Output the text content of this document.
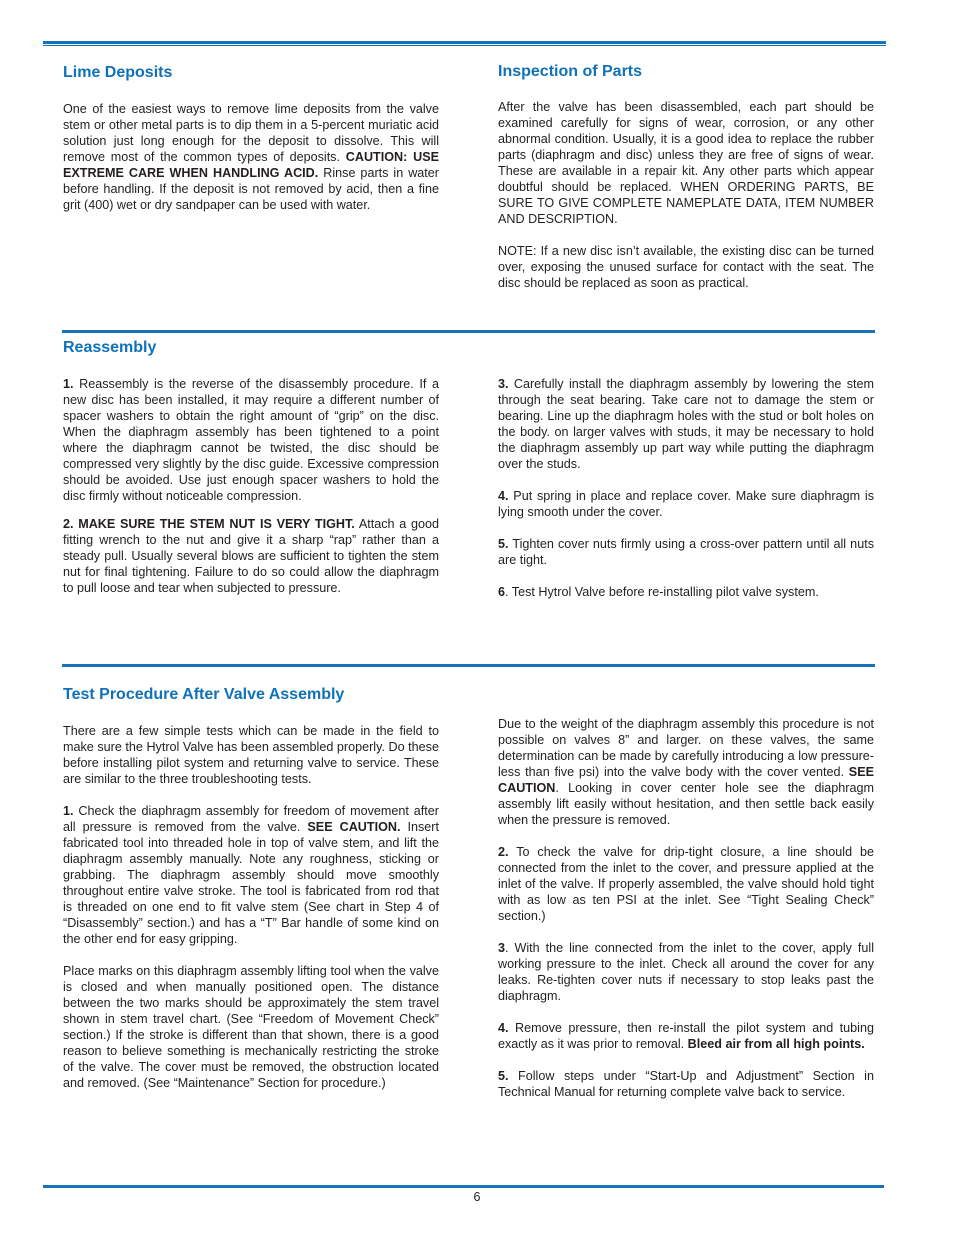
Lime Deposits

One of the easiest ways to remove lime deposits from the valve stem or other metal parts is to dip them in a 5-percent muriatic acid solution just long enough for the deposit to dissolve. This will remove most of the common types of deposits. CAUTION: USE EXTREME CARE WHEN HANDLING ACID. Rinse parts in water before handling. If the deposit is not removed by acid, then a fine grit (400) wet or dry sandpaper can be used with water.

Inspection of Parts

After the valve has been disassembled, each part should be examined carefully for signs of wear, corrosion, or any other abnormal condition. Usually, it is a good idea to replace the rubber parts (diaphragm and disc) unless they are free of signs of wear. These are available in a repair kit. Any other parts which appear doubtful should be replaced. WHEN ORDERING PARTS, BE SURE TO GIVE COMPLETE NAMEPLATE DATA, ITEM NUMBER AND DESCRIPTION.

NOTE: If a new disc isn’t available, the existing disc can be turned over, exposing the unused surface for contact with the seat. The disc should be replaced as soon as practical.

Reassembly

1. Reassembly is the reverse of the disassembly procedure. If a new disc has been installed, it may require a different number of spacer washers to obtain the right amount of “grip” on the disc. When the diaphragm assembly has been tightened to a point where the diaphragm cannot be twisted, the disc should be compressed very slightly by the disc guide. Excessive compression should be avoided. Use just enough spacer washers to hold the disc firmly without noticeable compression.

2. MAKE SURE THE STEM NUT IS VERY TIGHT. Attach a good fitting wrench to the nut and give it a sharp “rap” rather than a steady pull. Usually several blows are sufficient to tighten the stem nut for final tightening. Failure to do so could allow the diaphragm to pull loose and tear when subjected to pressure.

3. Carefully install the diaphragm assembly by lowering the stem through the seat bearing. Take care not to damage the stem or bearing. Line up the diaphragm holes with the stud or bolt holes on the body. on larger valves with studs, it may be necessary to hold the diaphragm assembly up part way while putting the diaphragm over the studs.

4. Put spring in place and replace cover. Make sure diaphragm is lying smooth under the cover.

5. Tighten cover nuts firmly using a cross-over pattern until all nuts are tight.

6. Test Hytrol Valve before re-installing pilot valve system.

Test Procedure After Valve Assembly

There are a few simple tests which can be made in the field to make sure the Hytrol Valve has been assembled properly. Do these before installing pilot system and returning valve to service. These are similar to the three troubleshooting tests.

1. Check the diaphragm assembly for freedom of movement after all pressure is removed from the valve. SEE CAUTION. Insert fabricated tool into threaded hole in top of valve stem, and lift the diaphragm assembly manually. Note any roughness, sticking or grabbing. The diaphragm assembly should move smoothly throughout entire valve stroke. The tool is fabricated from rod that is threaded on one end to fit valve stem (See chart in Step 4 of “Disassembly” section.) and has a “T” Bar handle of some kind on the other end for easy gripping.

Place marks on this diaphragm assembly lifting tool when the valve is closed and when manually positioned open. The distance between the two marks should be approximately the stem travel shown in stem travel chart. (See “Freedom of Movement Check” section.) If the stroke is different than that shown, there is a good reason to believe something is mechanically restricting the stroke of the valve. The cover must be removed, the obstruction located and removed. (See “Maintenance” Section for procedure.)

Due to the weight of the diaphragm assembly this procedure is not possible on valves 8” and larger. on these valves, the same determination can be made by carefully introducing a low pressure-less than five psi) into the valve body with the cover vented. SEE CAUTION. Looking in cover center hole see the diaphragm assembly lift easily without hesitation, and then settle back easily when the pressure is removed.

2. To check the valve for drip-tight closure, a line should be connected from the inlet to the cover, and pressure applied at the inlet of the valve. If properly assembled, the valve should hold tight with as low as ten PSI at the inlet. See “Tight Sealing Check” section.)

3. With the line connected from the inlet to the cover, apply full working pressure to the inlet. Check all around the cover for any leaks. Re-tighten cover nuts if necessary to stop leaks past the diaphragm.

4. Remove pressure, then re-install the pilot system and tubing exactly as it was prior to removal. Bleed air from all high points.

5. Follow steps under “Start-Up and Adjustment” Section in Technical Manual for returning complete valve back to service.

6
